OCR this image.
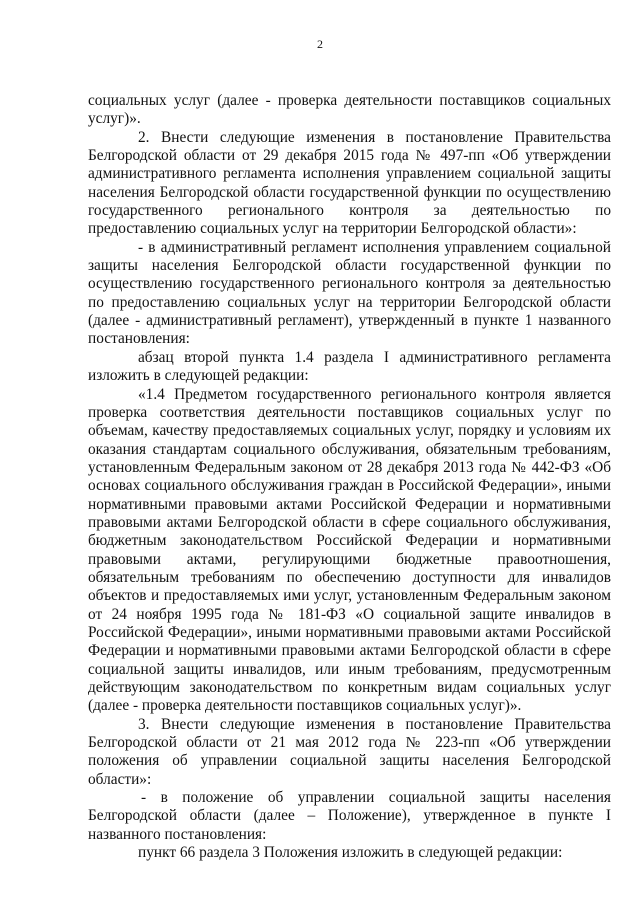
2

социальных услуг (далее - проверка деятельности поставщиков социальных услуг)».

2. Внести следующие изменения в постановление Правительства Белгородской области от 29 декабря 2015 года № 497-пп «Об утверждении административного регламента исполнения управлением социальной защиты населения Белгородской области государственной функции по осуществлению государственного регионального контроля за деятельностью по предоставлению социальных услуг на территории Белгородской области»:

- в административный регламент исполнения управлением социальной защиты населения Белгородской области государственной функции по осуществлению государственного регионального контроля за деятельностью по предоставлению социальных услуг на территории Белгородской области (далее - административный регламент), утвержденный в пункте 1 названного постановления:

абзац второй пункта 1.4 раздела I административного регламента изложить в следующей редакции:

«1.4 Предметом государственного регионального контроля является проверка соответствия деятельности поставщиков социальных услуг по объемам, качеству предоставляемых социальных услуг, порядку и условиям их оказания стандартам социального обслуживания, обязательным требованиям, установленным Федеральным законом от 28 декабря 2013 года № 442-ФЗ «Об основах социального обслуживания граждан в Российской Федерации», иными нормативными правовыми актами Российской Федерации и нормативными правовыми актами Белгородской области в сфере социального обслуживания, бюджетным законодательством Российской Федерации и нормативными правовыми актами, регулирующими бюджетные правоотношения, обязательным требованиям по обеспечению доступности для инвалидов объектов и предоставляемых ими услуг, установленным Федеральным законом от 24 ноября 1995 года № 181-ФЗ «О социальной защите инвалидов в Российской Федерации», иными нормативными правовыми актами Российской Федерации и нормативными правовыми актами Белгородской области в сфере социальной защиты инвалидов, или иным требованиям, предусмотренным действующим законодательством по конкретным видам социальных услуг (далее - проверка деятельности поставщиков социальных услуг)».

3. Внести следующие изменения в постановление Правительства Белгородской области от 21 мая 2012 года № 223-пп «Об утверждении положения об управлении социальной защиты населения Белгородской области»:

- в положение об управлении социальной защиты населения Белгородской области (далее – Положение), утвержденное в пункте I названного постановления:

пункт 66 раздела 3 Положения изложить в следующей редакции:
